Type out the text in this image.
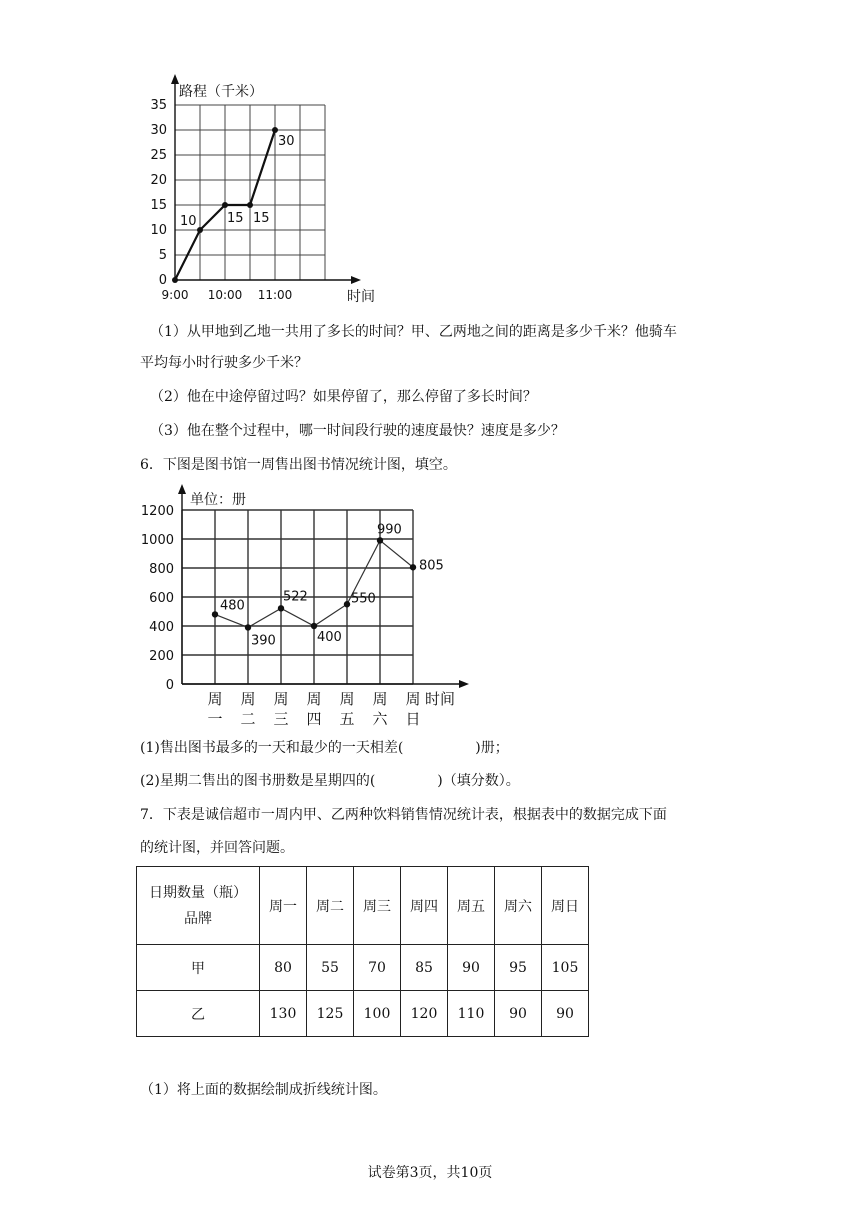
路程（千米）
时间
0
5
10
15
20
25
30
35
9:00 10:00 11:00
10 15 15
30
（1）从甲地到乙地一共用了多长的时间？甲、乙两地之间的距离是多少千米？他骑车
平均每小时行驶多少千米？
（2）他在中途停留过吗？如果停留了，那么停留了多长时间？
（3）他在整个过程中，哪一时间段行驶的速度最快？速度是多少？
6．下图是图书馆一周售出图书情况统计图，填空。
单位：册
0
200
400
600
800
1000
1200
周 周 周 周 周 周 周
一 二 三 四 五 六 日
时间
480
390
522
400
550
990
805
(1)售出图书最多的一天和最少的一天相差(	)册；
(2)星期二售出的图书册数是星期四的(	)（填分数）。
7．下表是诚信超市一周内甲、乙两种饮料销售情况统计表，根据表中的数据完成下面
的统计图，并回答问题。
日期数量（瓶）
品牌	周一	周二	周三	周四	周五	周六	周日
甲	80	55	70	85	90	95	105
乙	130	125	100	120	110	90	90
（1）将上面的数据绘制成折线统计图。
试卷第3页，共10页
